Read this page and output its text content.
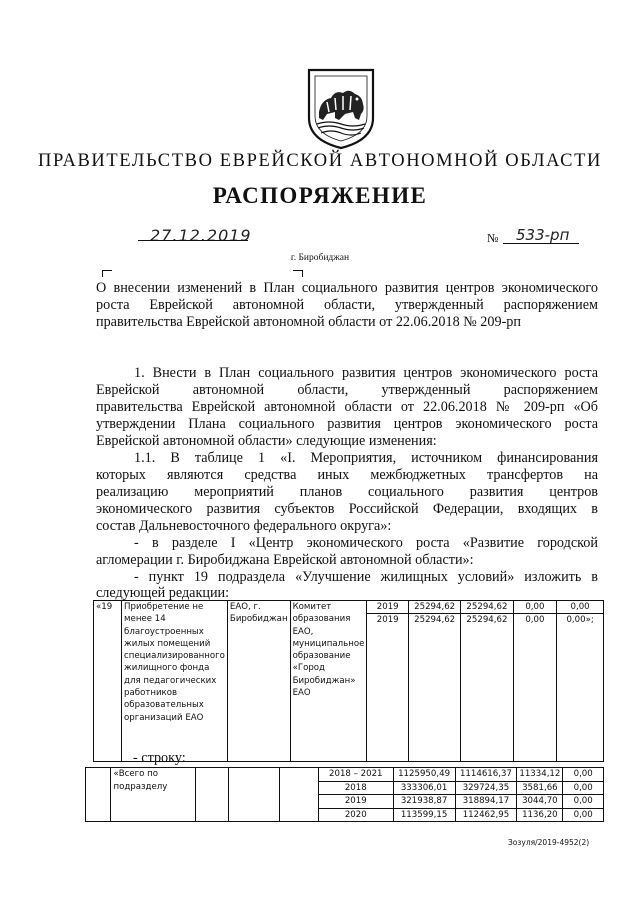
ПРАВИТЕЛЬСТВО ЕВРЕЙСКОЙ АВТОНОМНОЙ ОБЛАСТИ
РАСПОРЯЖЕНИЕ
27.12.2019	№ 533-рп
г. Биробиджан
О внесении изменений в План социального развития центров экономического
роста Еврейской автономной области, утвержденный распоряжением
правительства Еврейской автономной области от 22.06.2018 № 209-рп
1. Внести в План социального развития центров экономического роста
Еврейской автономной области, утвержденный распоряжением
правительства Еврейской автономной области от 22.06.2018 № 209-рп «Об
утверждении Плана социального развития центров экономического роста
Еврейской автономной области» следующие изменения:
1.1. В таблице 1 «I. Мероприятия, источником финансирования
которых являются средства иных межбюджетных трансфертов на
реализацию мероприятий планов социального развития центров
экономического развития субъектов Российской Федерации, входящих в
состав Дальневосточного федерального округа»:
- в разделе I «Центр экономического роста «Развитие городской
агломерации г. Биробиджана Еврейской автономной области»:
- пункт 19 подраздела «Улучшение жилищных условий» изложить в
следующей редакции:
«19	Приобретение не менее 14 благоустроенных жилых помещений специализированного жилищного фонда для педагогических работников образовательных организаций ЕАО	ЕАО, г. Биробиджан	Комитет образования ЕАО, муниципальное образование «Город Биробиджан» ЕАО	2019	25294,62	25294,62	0,00	0,00
				2019	25294,62	25294,62	0,00	0,00»;
- строку:
	«Всего по подразделу				2018 – 2021	1125950,49	1114616,37	11334,12	0,00
					2018	333306,01	329724,35	3581,66	0,00
					2019	321938,87	318894,17	3044,70	0,00
					2020	113599,15	112462,95	1136,20	0,00
Зозуля/2019-4952(2)
